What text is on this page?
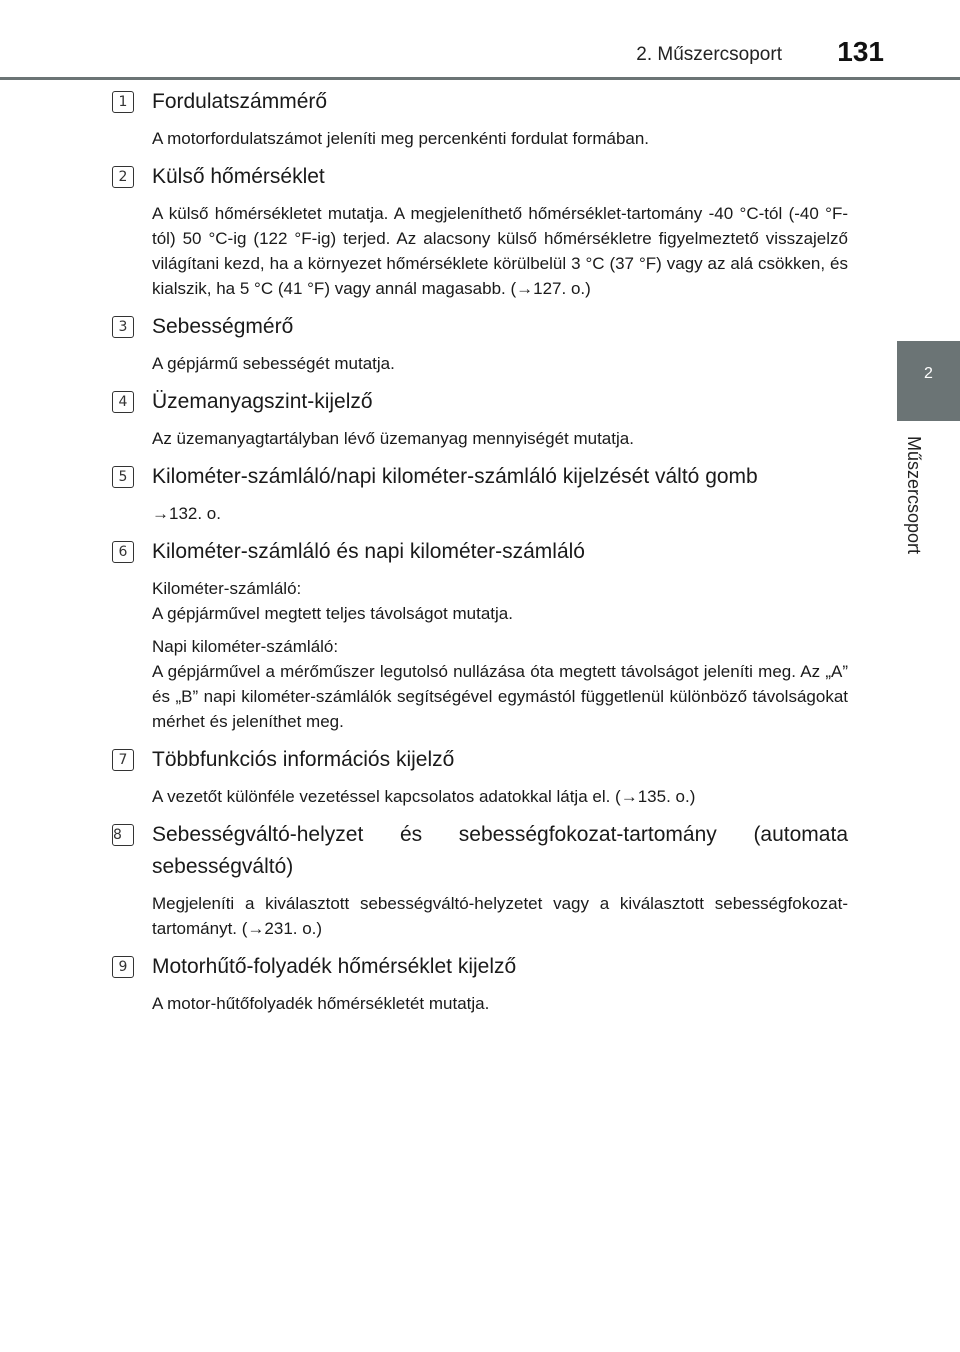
2. Műszercsoport 131
2
Műszercsoport
1	Fordulatszámmérő

A motorfordulatszámot jeleníti meg percenkénti fordulat formában.

2	Külső hőmérséklet

A külső hőmérsékletet mutatja. A megjeleníthető hőmérséklet-tartomány -40 °C-tól (-40 °F-tól) 50 °C-ig (122 °F-ig) terjed. Az alacsony külső hőmérsékletre figyelmeztető visszajelző világítani kezd, ha a környezet hőmérséklete körülbelül 3 °C (37 °F) vagy az alá csökken, és kialszik, ha 5 °C (41 °F) vagy annál magasabb. (→127. o.)

3	Sebességmérő

A gépjármű sebességét mutatja.

4	Üzemanyagszint-kijelző

Az üzemanyagtartályban lévő üzemanyag mennyiségét mutatja.

5	Kilométer-számláló/napi kilométer-számláló kijelzését váltó gomb

→132. o.

6	Kilométer-számláló és napi kilométer-számláló

Kilométer-számláló:
A gépjárművel megtett teljes távolságot mutatja.

Napi kilométer-számláló:
A gépjárművel a mérőműszer legutolsó nullázása óta megtett távolságot jeleníti meg. Az „A” és „B” napi kilométer-számlálók segítségével egymástól függetlenül különböző távolságokat mérhet és jeleníthet meg.

7	Többfunkciós információs kijelző

A vezetőt különféle vezetéssel kapcsolatos adatokkal látja el. (→135. o.)

8	Sebességváltó-helyzet és sebességfokozat-tartomány (automata sebességváltó)

Megjeleníti a kiválasztott sebességváltó-helyzetet vagy a kiválasztott sebességfokozat-tartományt. (→231. o.)

9	Motorhűtő-folyadék hőmérséklet kijelző

A motor-hűtőfolyadék hőmérsékletét mutatja.
